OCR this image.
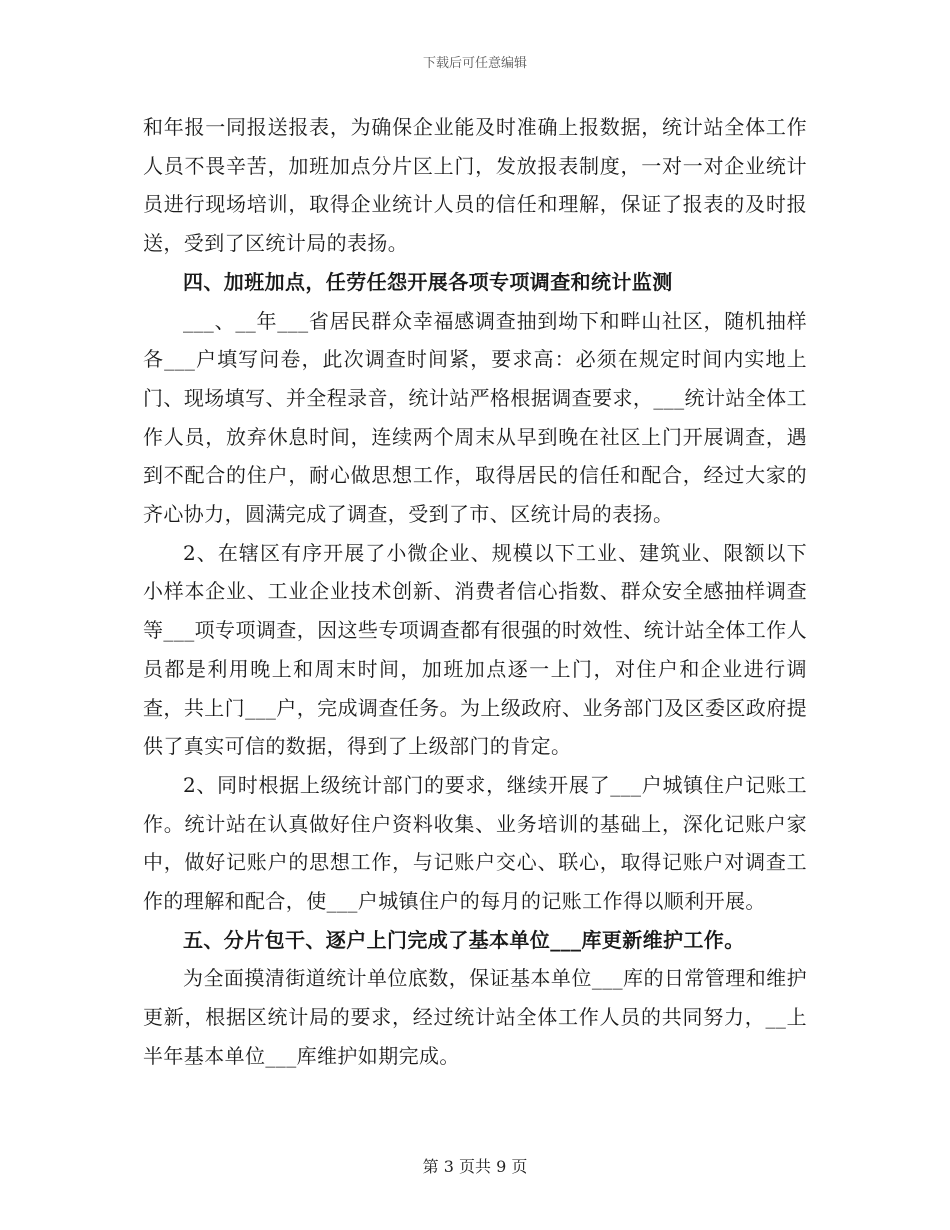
下载后可任意编辑

和年报一同报送报表，为确保企业能及时准确上报数据，统计站全体工作人员不畏辛苦，加班加点分片区上门，发放报表制度，一对一对企业统计员进行现场培训，取得企业统计人员的信任和理解，保证了报表的及时报送，受到了区统计局的表扬。

四、加班加点，任劳任怨开展各项专项调查和统计监测

___、__年___省居民群众幸福感调查抽到坳下和畔山社区，随机抽样各___户填写问卷，此次调查时间紧，要求高：必须在规定时间内实地上门、现场填写、并全程录音，统计站严格根据调查要求，___统计站全体工作人员，放弃休息时间，连续两个周末从早到晚在社区上门开展调查，遇到不配合的住户，耐心做思想工作，取得居民的信任和配合，经过大家的齐心协力，圆满完成了调查，受到了市、区统计局的表扬。

2、在辖区有序开展了小微企业、规模以下工业、建筑业、限额以下小样本企业、工业企业技术创新、消费者信心指数、群众安全感抽样调查等___项专项调查，因这些专项调查都有很强的时效性、统计站全体工作人员都是利用晚上和周末时间，加班加点逐一上门，对住户和企业进行调查，共上门___户，完成调查任务。为上级政府、业务部门及区委区政府提供了真实可信的数据，得到了上级部门的肯定。

2、同时根据上级统计部门的要求，继续开展了___户城镇住户记账工作。统计站在认真做好住户资料收集、业务培训的基础上，深化记账户家中，做好记账户的思想工作，与记账户交心、联心，取得记账户对调查工作的理解和配合，使___户城镇住户的每月的记账工作得以顺利开展。

五、分片包干、逐户上门完成了基本单位___库更新维护工作。

为全面摸清街道统计单位底数，保证基本单位___库的日常管理和维护更新，根据区统计局的要求，经过统计站全体工作人员的共同努力，__上半年基本单位___库维护如期完成。

第 3 页共 9 页
